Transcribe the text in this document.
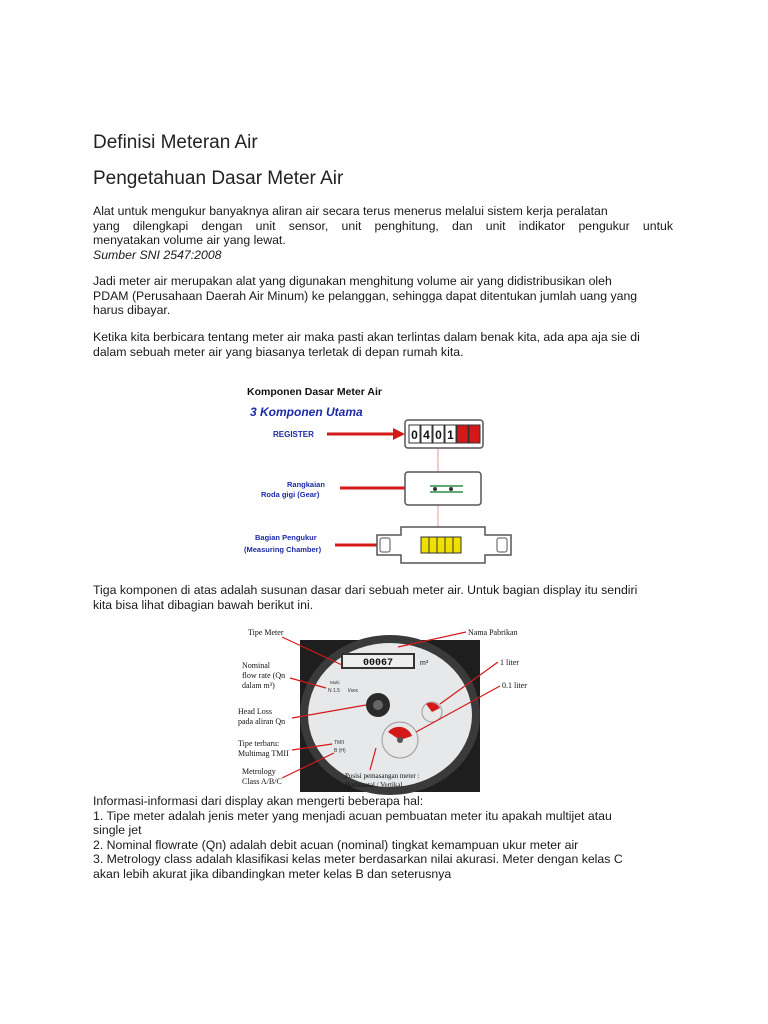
Definisi Meteran Air
Pengetahuan Dasar Meter Air
Alat untuk mengukur banyaknya aliran air secara terus menerus melalui sistem kerja peralatan
yang dilengkapi dengan unit sensor, unit penghitung, dan unit indikator pengukur untuk
menyatakan volume air yang lewat.
Sumber SNI 2547:2008
Jadi meter air merupakan alat yang digunakan menghitung volume air yang didistribusikan oleh
PDAM (Perusahaan Daerah Air Minum) ke pelanggan, sehingga dapat ditentukan jumlah uang yang
harus dibayar.
Ketika kita berbicara tentang meter air maka pasti akan terlintas dalam benak kita, ada apa aja sie di
dalam sebuah meter air yang biasanya terletak di depan rumah kita.
Komponen Dasar Meter Air
3 Komponen Utama
REGISTER	0 4 0 1 1 5
Rangkaian
Roda gigi (Gear)
Bagian Pengukur
(Measuring Chamber)
Tiga komponen di atas adalah susunan dasar dari sebuah meter air. Untuk bagian display itu sendiri
kita bisa lihat dibagian bawah berikut ini.
00067	m³
Multi
N 1.5 l/sec
TMII
B (H)
Tipe Meter
Nominal
flow rate (Qn
dalam m³)
Head Loss
pada aliran Qn
Tipe terbaru:
Multimag TMII
Metrology
Class A/B/C
Nama Pabrikan
1 liter
0.1 liter
Posisi pemasangan meter :
Horizontal / Vertikal
Informasi-informasi dari display akan mengerti beberapa hal:
1. Tipe meter adalah jenis meter yang menjadi acuan pembuatan meter itu apakah multijet atau
single jet
2. Nominal flowrate (Qn) adalah debit acuan (nominal) tingkat kemampuan ukur meter air
3. Metrology class adalah klasifikasi kelas meter berdasarkan nilai akurasi. Meter dengan kelas C
akan lebih akurat jika dibandingkan meter kelas B dan seterusnya
